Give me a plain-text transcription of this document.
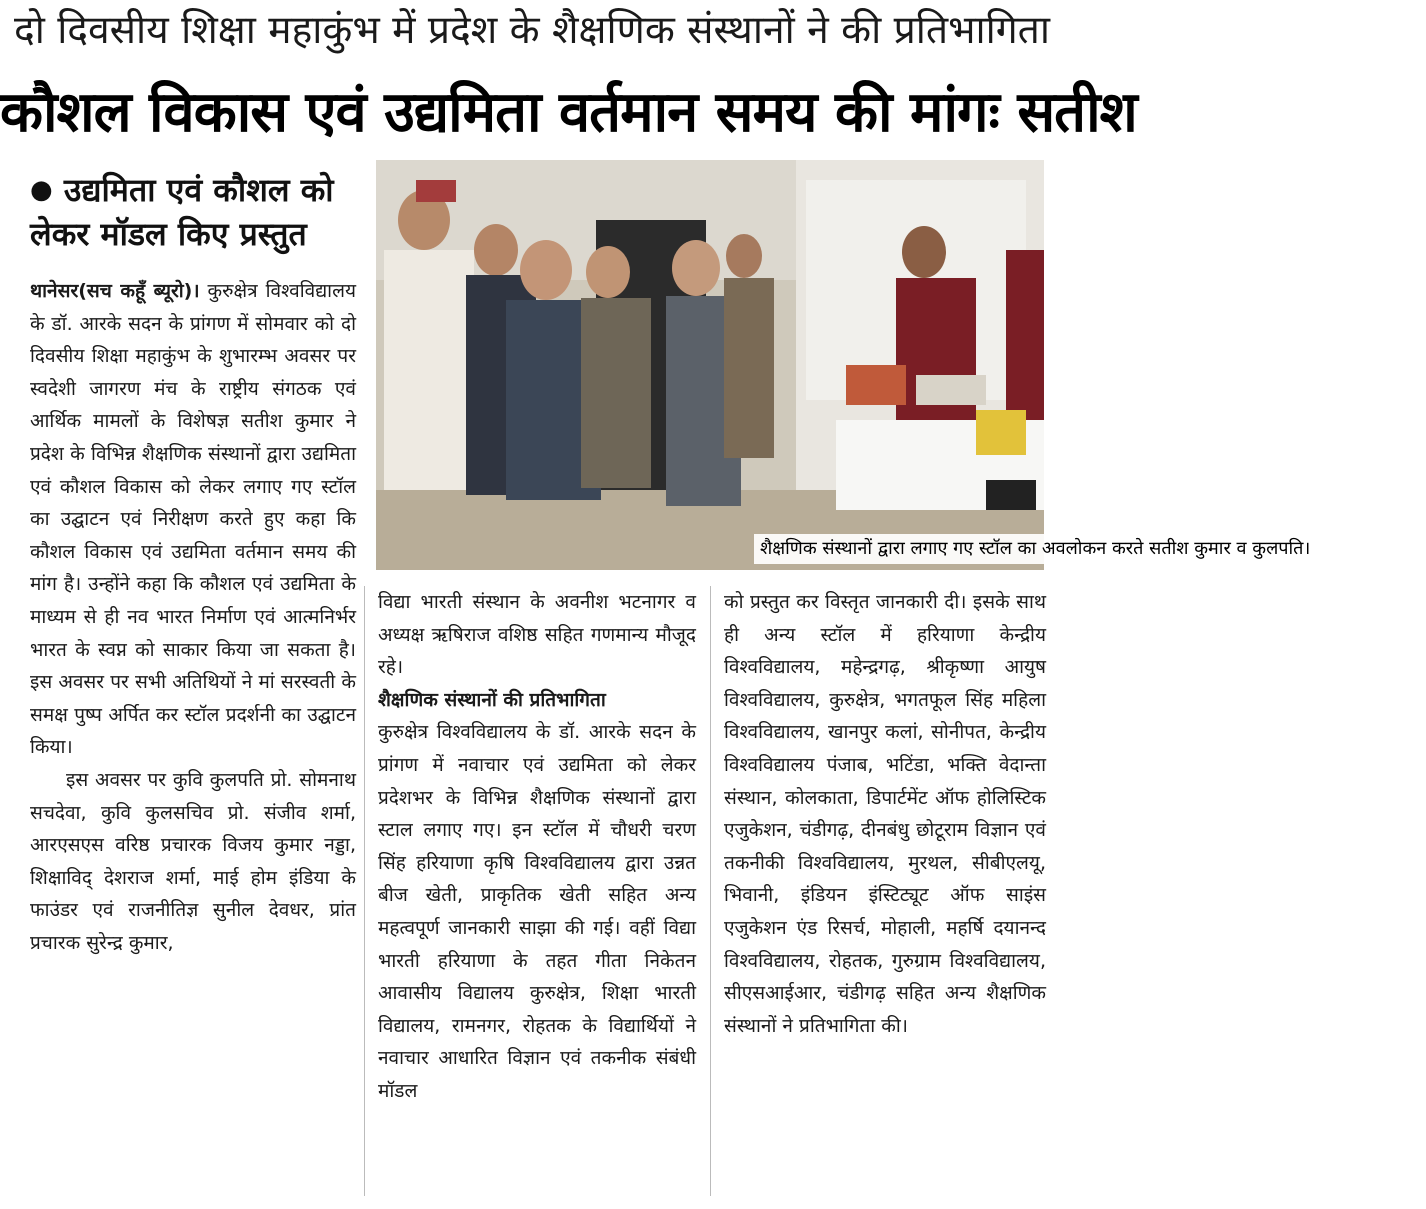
दो दिवसीय शिक्षा महाकुंभ में प्रदेश के शैक्षणिक संस्थानों ने की प्रतिभागिता
कौशल विकास एवं उद्यमिता वर्तमान समय की मांगः सतीश
● उद्यमिता एवं कौशल को लेकर मॉडल किए प्रस्तुत
शैक्षणिक संस्थानों द्वारा लगाए गए स्टॉल का अवलोकन करते सतीश कुमार व कुलपति।

थानेसर(सच कहूँ ब्यूरो)। कुरुक्षेत्र विश्वविद्यालय के डॉ. आरके सदन के प्रांगण में सोमवार को दो दिवसीय शिक्षा महाकुंभ के शुभारम्भ अवसर पर स्वदेशी जागरण मंच के राष्ट्रीय संगठक एवं आर्थिक मामलों के विशेषज्ञ सतीश कुमार ने प्रदेश के विभिन्न शैक्षणिक संस्थानों द्वारा उद्यमिता एवं कौशल विकास को लेकर लगाए गए स्टॉल का उद्घाटन एवं निरीक्षण करते हुए कहा कि कौशल विकास एवं उद्यमिता वर्तमान समय की मांग है। उन्होंने कहा कि कौशल एवं उद्यमिता के माध्यम से ही नव भारत निर्माण एवं आत्मनिर्भर भारत के स्वप्न को साकार किया जा सकता है। इस अवसर पर सभी अतिथियों ने मां सरस्वती के समक्ष पुष्प अर्पित कर स्टॉल प्रदर्शनी का उद्घाटन किया।

इस अवसर पर कुवि कुलपति प्रो. सोमनाथ सचदेवा, कुवि कुलसचिव प्रो. संजीव शर्मा, आरएसएस वरिष्ठ प्रचारक विजय कुमार नड्डा, शिक्षाविद् देशराज शर्मा, माई होम इंडिया के फाउंडर एवं राजनीतिज्ञ सुनील देवधर, प्रांत प्रचारक सुरेन्द्र कुमार,

विद्या भारती संस्थान के अवनीश भटनागर व अध्यक्ष ऋषिराज वशिष्ठ सहित गणमान्य मौजूद रहे।

शैक्षणिक संस्थानों की प्रतिभागिता

कुरुक्षेत्र विश्वविद्यालय के डॉ. आरके सदन के प्रांगण में नवाचार एवं उद्यमिता को लेकर प्रदेशभर के विभिन्न शैक्षणिक संस्थानों द्वारा स्टाल लगाए गए। इन स्टॉल में चौधरी चरण सिंह हरियाणा कृषि विश्वविद्यालय द्वारा उन्नत बीज खेती, प्राकृतिक खेती सहित अन्य महत्वपूर्ण जानकारी साझा की गई। वहीं विद्या भारती हरियाणा के तहत गीता निकेतन आवासीय विद्यालय कुरुक्षेत्र, शिक्षा भारती विद्यालय, रामनगर, रोहतक के विद्यार्थियों ने नवाचार आधारित विज्ञान एवं तकनीक संबंधी मॉडल

को प्रस्तुत कर विस्तृत जानकारी दी। इसके साथ ही अन्य स्टॉल में हरियाणा केन्द्रीय विश्वविद्यालय, महेन्द्रगढ़, श्रीकृष्णा आयुष विश्वविद्यालय, कुरुक्षेत्र, भगतफूल सिंह महिला विश्वविद्यालय, खानपुर कलां, सोनीपत, केन्द्रीय विश्वविद्यालय पंजाब, भटिंडा, भक्ति वेदान्ता संस्थान, कोलकाता, डिपार्टमेंट ऑफ होलिस्टिक एजुकेशन, चंडीगढ़, दीनबंधु छोटूराम विज्ञान एवं तकनीकी विश्वविद्यालय, मुरथल, सीबीएलयू, भिवानी, इंडियन इंस्टिट्यूट ऑफ साइंस एजुकेशन एंड रिसर्च, मोहाली, महर्षि दयानन्द विश्वविद्यालय, रोहतक, गुरुग्राम विश्वविद्यालय, सीएसआईआर, चंडीगढ़ सहित अन्य शैक्षणिक संस्थानों ने प्रतिभागिता की।
